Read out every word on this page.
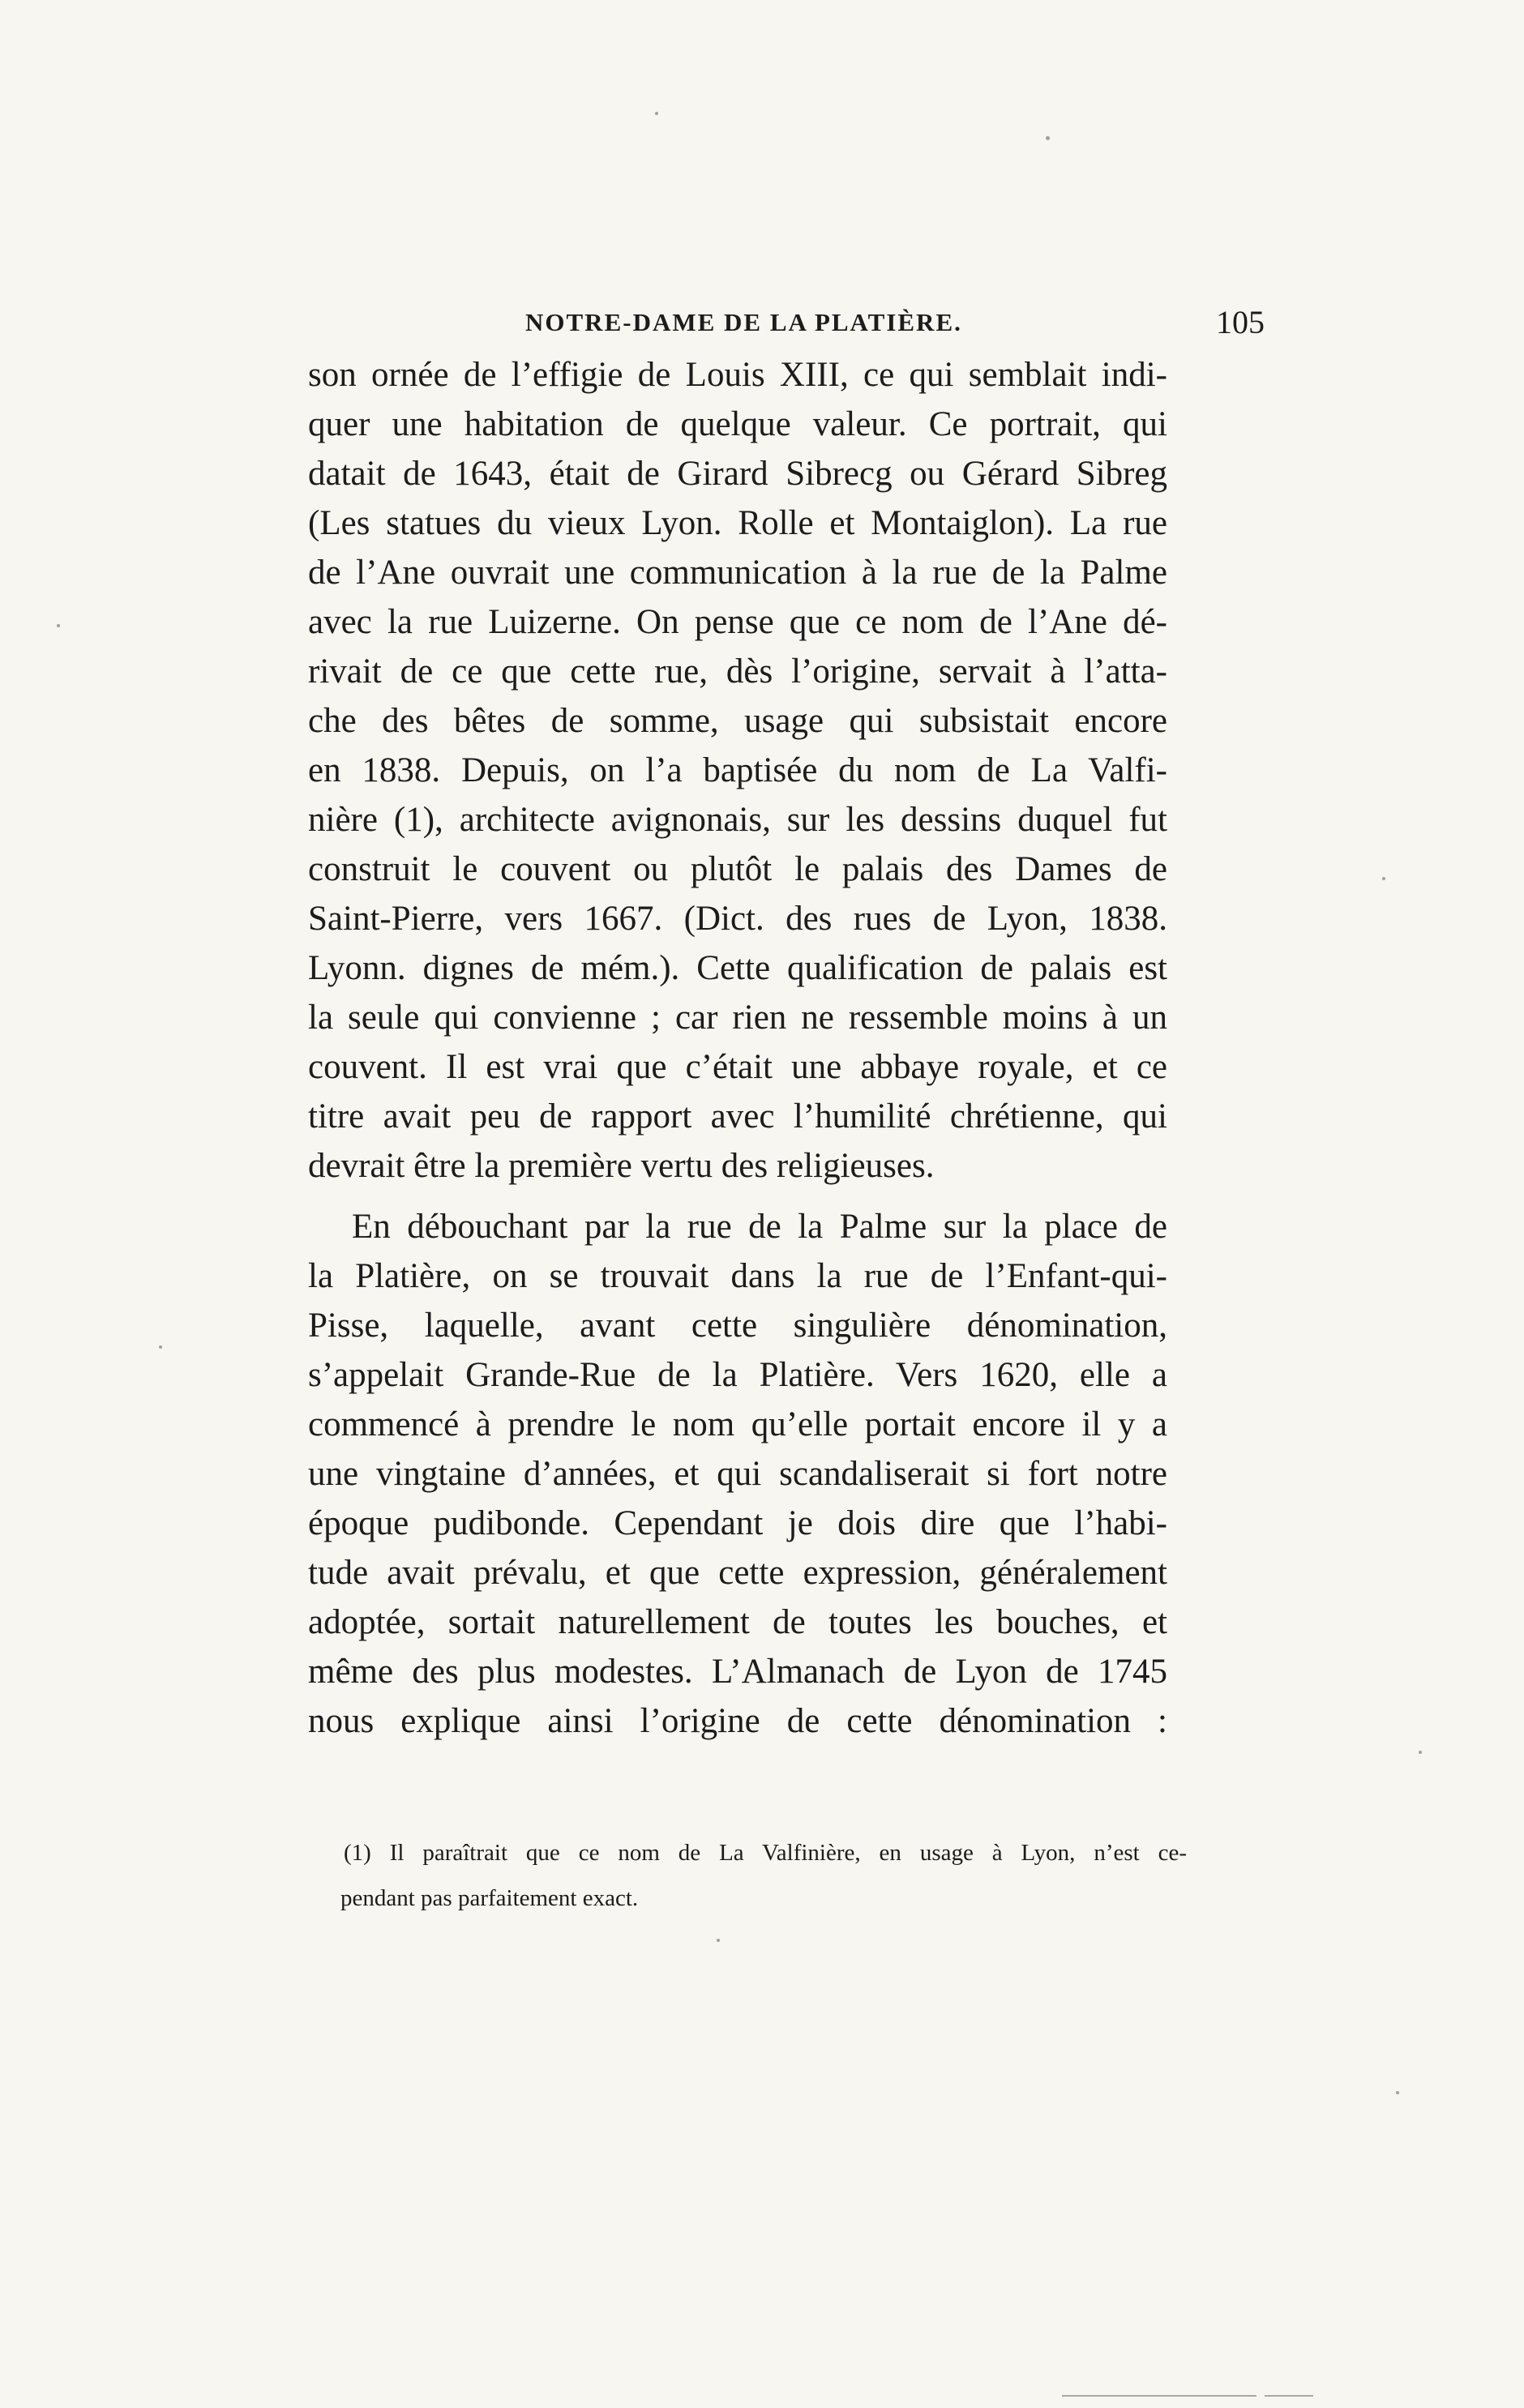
NOTRE-DAME DE LA PLATIÈRE.	105
son ornée de l’effigie de Louis XIII, ce qui semblait indi-
quer une habitation de quelque valeur. Ce portrait, qui
datait de 1643, était de Girard Sibrecg ou Gérard Sibreg
(Les statues du vieux Lyon. Rolle et Montaiglon). La rue
de l’Ane ouvrait une communication à la rue de la Palme
avec la rue Luizerne. On pense que ce nom de l’Ane dé-
rivait de ce que cette rue, dès l’origine, servait à l’atta-
che des bêtes de somme, usage qui subsistait encore
en 1838. Depuis, on l’a baptisée du nom de La Valfi-
nière (1), architecte avignonais, sur les dessins duquel fut
construit le couvent ou plutôt le palais des Dames de
Saint-Pierre, vers 1667. (Dict. des rues de Lyon, 1838.
Lyonn. dignes de mém.). Cette qualification de palais est
la seule qui convienne ; car rien ne ressemble moins à un
couvent. Il est vrai que c’était une abbaye royale, et ce
titre avait peu de rapport avec l’humilité chrétienne, qui
devrait être la première vertu des religieuses.
En débouchant par la rue de la Palme sur la place de
la Platière, on se trouvait dans la rue de l’Enfant-qui-
Pisse, laquelle, avant cette singulière dénomination,
s’appelait Grande-Rue de la Platière. Vers 1620, elle a
commencé à prendre le nom qu’elle portait encore il y a
une vingtaine d’années, et qui scandaliserait si fort notre
époque pudibonde. Cependant je dois dire que l’habi-
tude avait prévalu, et que cette expression, généralement
adoptée, sortait naturellement de toutes les bouches, et
même des plus modestes. L’Almanach de Lyon de 1745
nous explique ainsi l’origine de cette dénomination :
(1) Il paraîtrait que ce nom de La Valfinière, en usage à Lyon, n’est ce-
pendant pas parfaitement exact.
